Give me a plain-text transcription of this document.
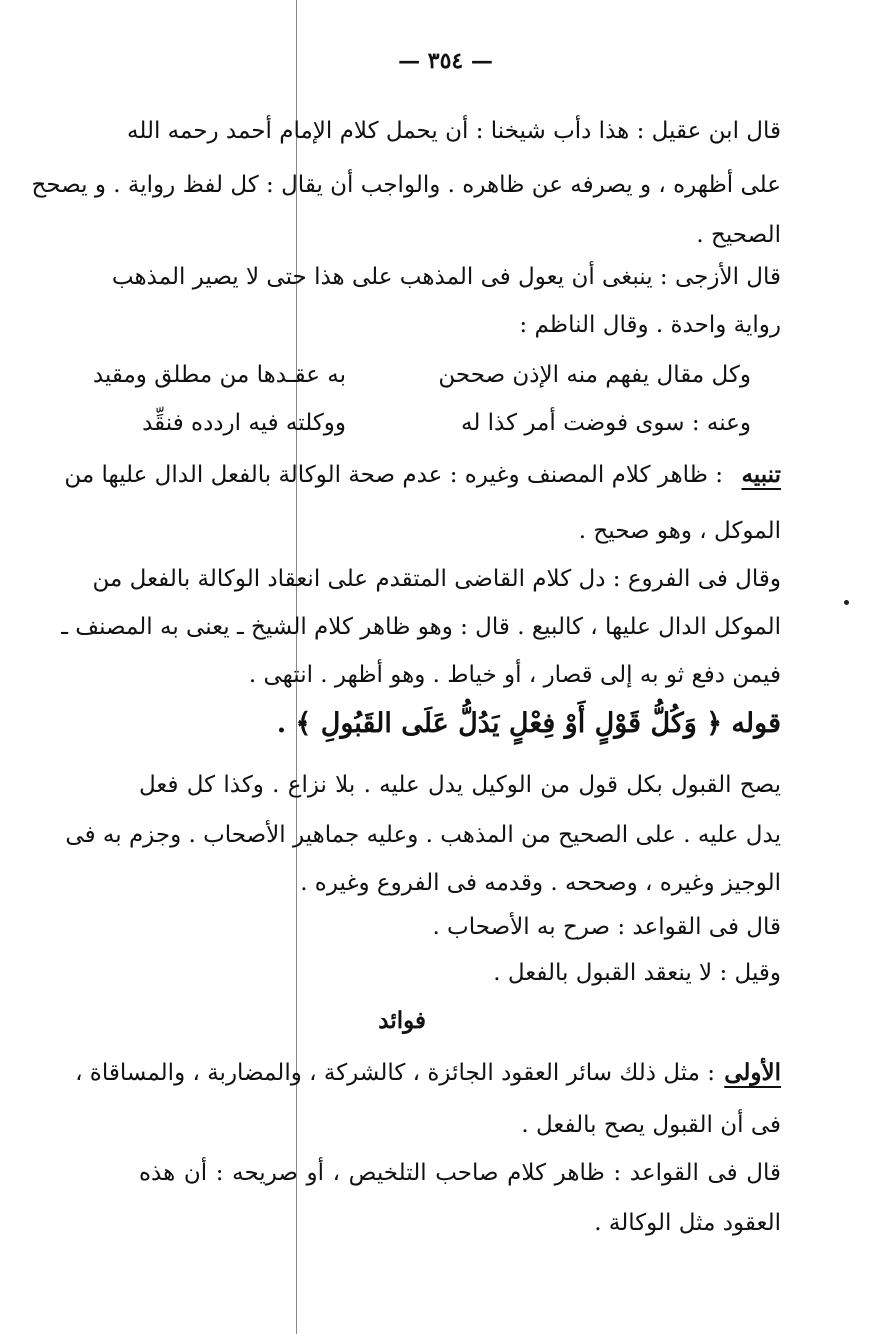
— ٣٥٤ —
قال ابن عقيل : هذا دأب شيخنا : أن يحمل كلام الإمام أحمد رحمه الله
على أظهره ، و يصرفه عن ظاهره . والواجب أن يقال : كل لفظ رواية . و يصحح
الصحيح .
قال الأزجى : ينبغى أن يعول فى المذهب على هذا حتى لا يصير المذهب
رواية واحدة . وقال الناظم :
وكل مقال يفهم منه الإذن صححن
به عقـدها من مطلق ومقيد
وعنه : سوى فوضت أمر كذا له
ووكلته فيه اردده فنقِّد
تنبيه
: ظاهر كلام المصنف وغيره : عدم صحة الوكالة بالفعل الدال عليها من
الموكل ، وهو صحيح .
وقال فى الفروع : دل كلام القاضى المتقدم على انعقاد الوكالة بالفعل من
الموكل الدال عليها ، كالبيع . قال : وهو ظاهر كلام الشيخ ـ يعنى به المصنف ـ
فيمن دفع ثو به إلى قصار ، أو خياط . وهو أظهر . انتهى .
قوله ﴿ وَكُلُّ قَوْلٍ أَوْ فِعْلٍ يَدُلُّ عَلَى القَبُولِ ﴾ .
يصح القبول بكل قول من الوكيل يدل عليه . بلا نزاع . وكذا كل فعل
يدل عليه . على الصحيح من المذهب . وعليه جماهير الأصحاب . وجزم به فى
الوجيز وغيره ، وصححه . وقدمه فى الفروع وغيره .
قال فى القواعد : صرح به الأصحاب .
وقيل : لا ينعقد القبول بالفعل .
فوائد
الأولى
: مثل ذلك سائر العقود الجائزة ، كالشركة ، والمضاربة ، والمساقاة ،
فى أن القبول يصح بالفعل .
قال فى القواعد : ظاهر كلام صاحب التلخيص ، أو صريحه : أن هذه
العقود مثل الوكالة .
